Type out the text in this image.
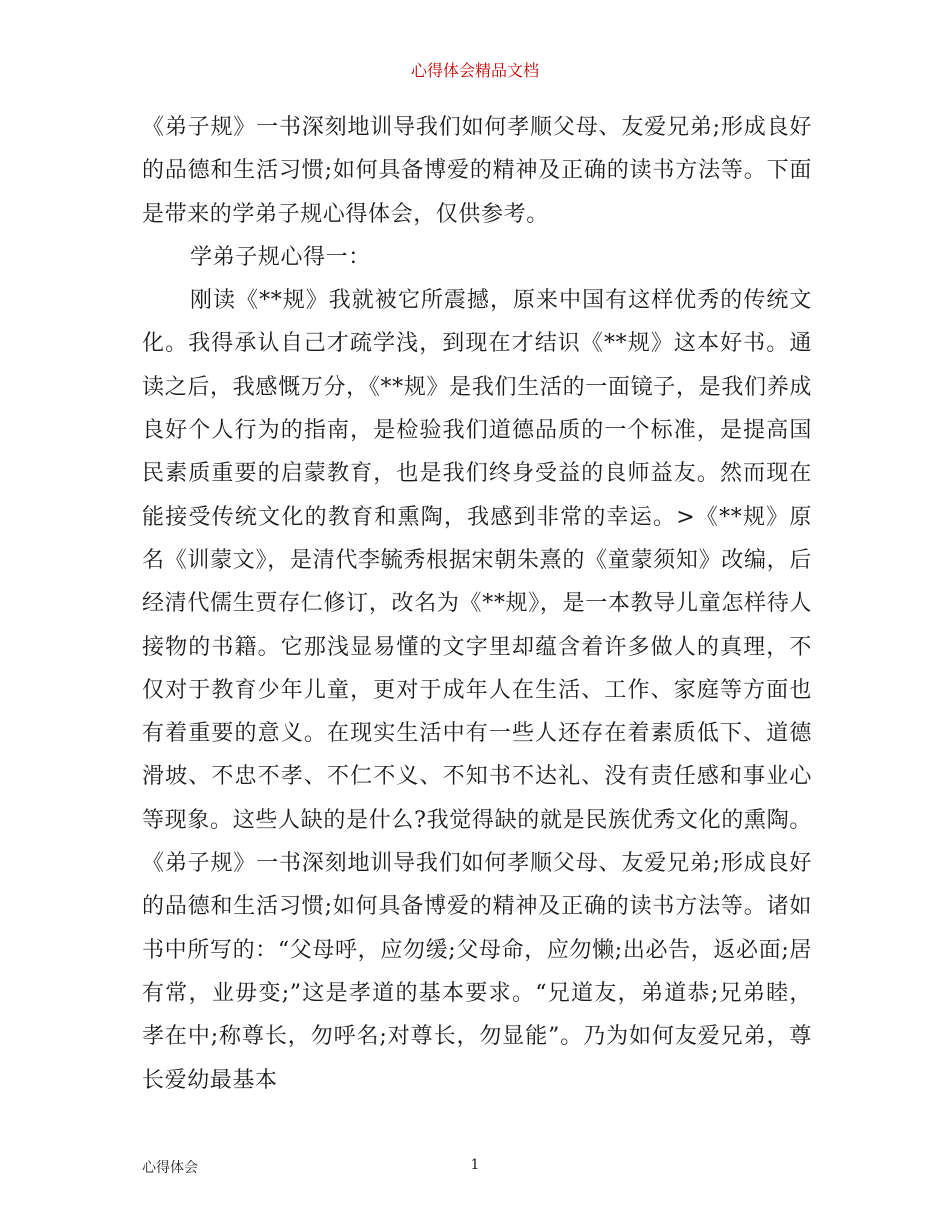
心得体会精品文档

《弟子规》一书深刻地训导我们如何孝顺父母、友爱兄弟;形成良好的品德和生活习惯;如何具备博爱的精神及正确的读书方法等。下面是带来的学弟子规心得体会，仅供参考。

学弟子规心得一：

刚读《**规》我就被它所震撼，原来中国有这样优秀的传统文化。我得承认自己才疏学浅，到现在才结识《**规》这本好书。通读之后，我感慨万分，《**规》是我们生活的一面镜子，是我们养成良好个人行为的指南，是检验我们道德品质的一个标准，是提高国民素质重要的启蒙教育，也是我们终身受益的良师益友。然而现在能接受传统文化的教育和熏陶，我感到非常的幸运。>《**规》原名《训蒙文》，是清代李毓秀根据宋朝朱熹的《童蒙须知》改编，后经清代儒生贾存仁修订，改名为《**规》，是一本教导儿童怎样待人接物的书籍。它那浅显易懂的文字里却蕴含着许多做人的真理，不仅对于教育少年儿童，更对于成年人在生活、工作、家庭等方面也有着重要的意义。在现实生活中有一些人还存在着素质低下、道德滑坡、不忠不孝、不仁不义、不知书不达礼、没有责任感和事业心等现象。这些人缺的是什么?我觉得缺的就是民族优秀文化的熏陶。《弟子规》一书深刻地训导我们如何孝顺父母、友爱兄弟;形成良好的品德和生活习惯;如何具备博爱的精神及正确的读书方法等。诸如书中所写的：“父母呼，应勿缓;父母命，应勿懒;出必告，返必面;居有常，业毋变;”这是孝道的基本要求。“兄道友，弟道恭;兄弟睦，孝在中;称尊长，勿呼名;对尊长，勿显能”。乃为如何友爱兄弟，尊长爱幼最基本

心得体会	1
